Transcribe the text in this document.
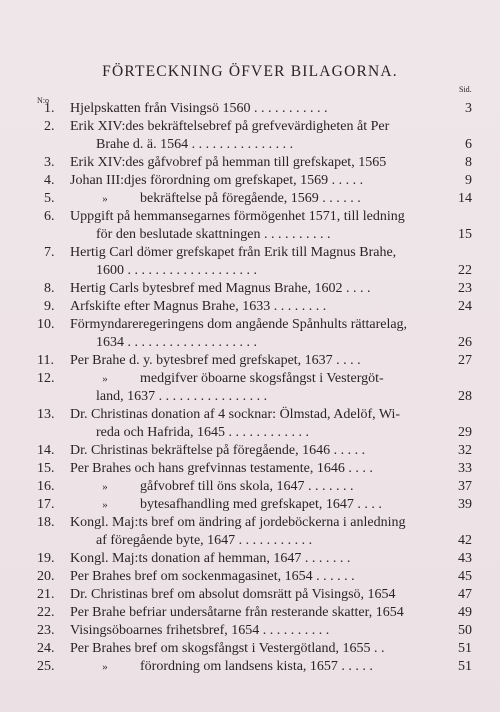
FÖRTECKNING ÖFVER BILAGORNA.
Sid.
N:o
1.	Hjelpskatten från Visingsö 1560 . . . . . . . . . . .	3
2.	Erik XIV:des bekräftelsebref på grefvevärdigheten åt Per
Brahe d. ä. 1564 . . . . . . . . . . . . . . .	6
3.	Erik XIV:des gåfvobref på hemman till grefskapet, 1565	8
4.	Johan III:djes förordning om grefskapet, 1569 . . . . .	9
5.	» bekräftelse på föregående, 1569 . . . . . .	14
6.	Uppgift på hemmansegarnes förmögenhet 1571, till ledning
för den beslutade skattningen . . . . . . . . . .	15
7.	Hertig Carl dömer grefskapet från Erik till Magnus Brahe,
1600 . . . . . . . . . . . . . . . . . . .	22
8.	Hertig Carls bytesbref med Magnus Brahe, 1602 . . . .	23
9.	Arfskifte efter Magnus Brahe, 1633 . . . . . . . .	24
10.	Förmyndareregeringens dom angående Spånhults rättarelag,
1634 . . . . . . . . . . . . . . . . . . .	26
11.	Per Brahe d. y. bytesbref med grefskapet, 1637 . . . .	27
12.	» medgifver öboarne skogsfångst i Vestergöt-
land, 1637 . . . . . . . . . . . . . . . .	28
13.	Dr. Christinas donation af 4 socknar: Ölmstad, Adelöf, Wi-
reda och Hafrida, 1645 . . . . . . . . . . . .	29
14.	Dr. Christinas bekräftelse på föregående, 1646 . . . . .	32
15.	Per Brahes och hans grefvinnas testamente, 1646 . . . .	33
16.	» gåfvobref till öns skola, 1647 . . . . . . .	37
17.	» bytesafhandling med grefskapet, 1647 . . . .	39
18.	Kongl. Maj:ts bref om ändring af jordeböckerna i anledning
af föregående byte, 1647 . . . . . . . . . . .	42
19.	Kongl. Maj:ts donation af hemman, 1647 . . . . . . .	43
20.	Per Brahes bref om sockenmagasinet, 1654 . . . . . .	45
21.	Dr. Christinas bref om absolut domsrätt på Visingsö, 1654	47
22.	Per Brahe befriar undersåtarne från resterande skatter, 1654	49
23.	Visingsöboarnes frihetsbref, 1654 . . . . . . . . . .	50
24.	Per Brahes bref om skogsfångst i Vestergötland, 1655 . .	51
25.	» förordning om landsens kista, 1657 . . . . .	51
